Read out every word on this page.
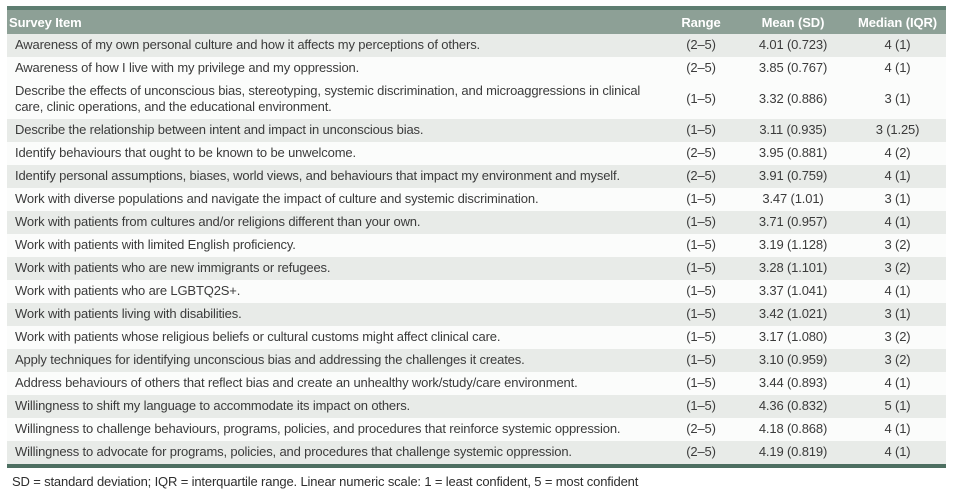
Survey Item	Range	Mean (SD)	Median (IQR)
Awareness of my own personal culture and how it affects my perceptions of others.	(2–5)	4.01 (0.723)	4 (1)
Awareness of how I live with my privilege and my oppression.	(2–5)	3.85 (0.767)	4 (1)
Describe the effects of unconscious bias, stereotyping, systemic discrimination, and microaggressions in clinical care, clinic operations, and the educational environment.	(1–5)	3.32 (0.886)	3 (1)
Describe the relationship between intent and impact in unconscious bias.	(1–5)	3.11 (0.935)	3 (1.25)
Identify behaviours that ought to be known to be unwelcome.	(2–5)	3.95 (0.881)	4 (2)
Identify personal assumptions, biases, world views, and behaviours that impact my environment and myself.	(2–5)	3.91 (0.759)	4 (1)
Work with diverse populations and navigate the impact of culture and systemic discrimination.	(1–5)	3.47 (1.01)	3 (1)
Work with patients from cultures and/or religions different than your own.	(1–5)	3.71 (0.957)	4 (1)
Work with patients with limited English proficiency.	(1–5)	3.19 (1.128)	3 (2)
Work with patients who are new immigrants or refugees.	(1–5)	3.28 (1.101)	3 (2)
Work with patients who are LGBTQ2S+.	(1–5)	3.37 (1.041)	4 (1)
Work with patients living with disabilities.	(1–5)	3.42 (1.021)	3 (1)
Work with patients whose religious beliefs or cultural customs might affect clinical care.	(1–5)	3.17 (1.080)	3 (2)
Apply techniques for identifying unconscious bias and addressing the challenges it creates.	(1–5)	3.10 (0.959)	3 (2)
Address behaviours of others that reflect bias and create an unhealthy work/study/care environment.	(1–5)	3.44 (0.893)	4 (1)
Willingness to shift my language to accommodate its impact on others.	(1–5)	4.36 (0.832)	5 (1)
Willingness to challenge behaviours, programs, policies, and procedures that reinforce systemic oppression.	(2–5)	4.18 (0.868)	4 (1)
Willingness to advocate for programs, policies, and procedures that challenge systemic oppression.	(2–5)	4.19 (0.819)	4 (1)
SD = standard deviation; IQR = interquartile range. Linear numeric scale: 1 = least confident, 5 = most confident
